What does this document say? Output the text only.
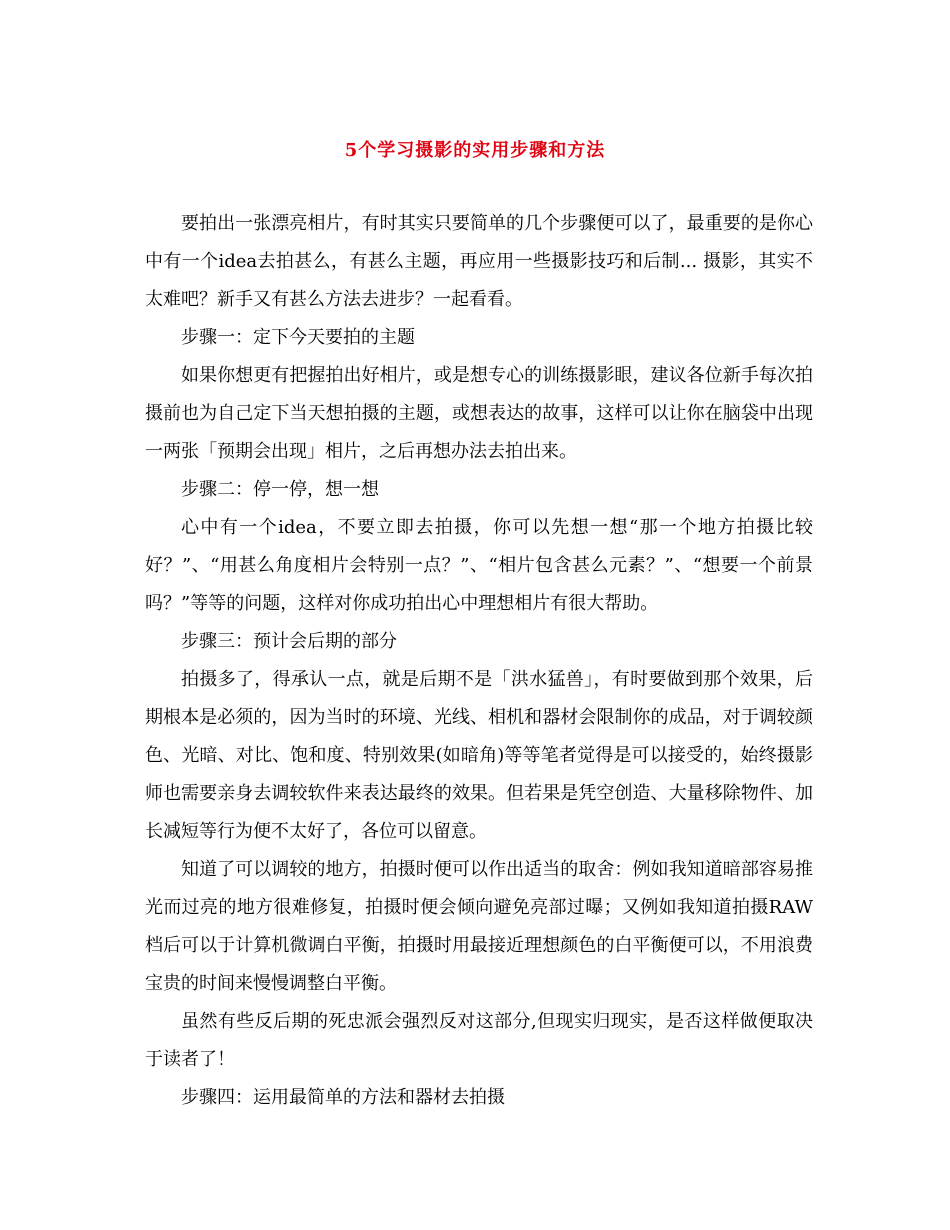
5个学习摄影的实用步骤和方法

要拍出一张漂亮相片，有时其实只要简单的几个步骤便可以了，最重要的是你心中有一个idea去拍甚么，有甚么主题，再应用一些摄影技巧和后制... 摄影，其实不太难吧？新手又有甚么方法去进步？一起看看。

步骤一：定下今天要拍的主题

如果你想更有把握拍出好相片，或是想专心的训练摄影眼，建议各位新手每次拍摄前也为自己定下当天想拍摄的主题，或想表达的故事，这样可以让你在脑袋中出现一两张「预期会出现」相片，之后再想办法去拍出来。

步骤二：停一停，想一想

心中有一个idea，不要立即去拍摄，你可以先想一想“那一个地方拍摄比较好？”、“用甚么角度相片会特别一点？”、“相片包含甚么元素？”、“想要一个前景吗？”等等的问题，这样对你成功拍出心中理想相片有很大帮助。

步骤三：预计会后期的部分

拍摄多了，得承认一点，就是后期不是「洪水猛兽」，有时要做到那个效果，后期根本是必须的，因为当时的环境、光线、相机和器材会限制你的成品，对于调较颜色、光暗、对比、饱和度、特别效果(如暗角)等等笔者觉得是可以接受的，始终摄影师也需要亲身去调较软件来表达最终的效果。但若果是凭空创造、大量移除物件、加长减短等行为便不太好了，各位可以留意。

知道了可以调较的地方，拍摄时便可以作出适当的取舍：例如我知道暗部容易推光而过亮的地方很难修复，拍摄时便会倾向避免亮部过曝；又例如我知道拍摄RAW档后可以于计算机微调白平衡，拍摄时用最接近理想颜色的白平衡便可以，不用浪费宝贵的时间来慢慢调整白平衡。

虽然有些反后期的死忠派会强烈反对这部分,但现实归现实，是否这样做便取决于读者了！

步骤四：运用最简单的方法和器材去拍摄
